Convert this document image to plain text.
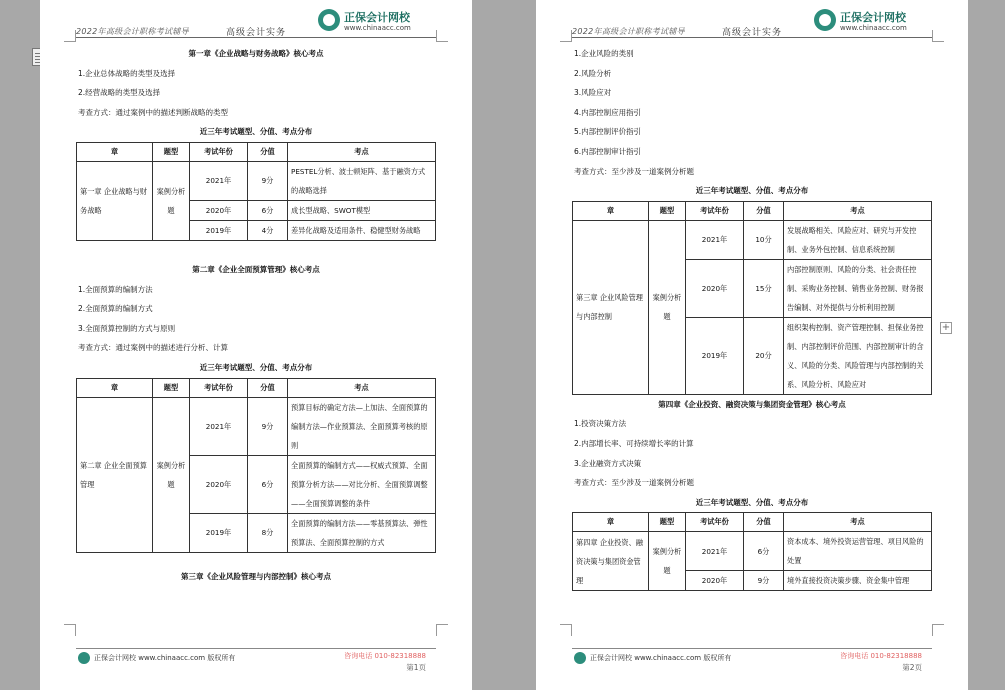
2022年高级会计职称考试辅导	高级会计实务
正保会计网校
www.chinaacc.com
第一章《企业战略与财务战略》核心考点
1.企业总体战略的类型及选择
2.经营战略的类型及选择
考查方式：通过案例中的描述判断战略的类型
近三年考试题型、分值、考点分布
章	题型	考试年份	分值	考点
第一章 企业战略与财务战略	案例分析题	2021年	9分	PESTEL分析、波士顿矩阵、基于融资方式的战略选择
		2020年	6分	成长型战略、SWOT模型
		2019年	4分	差异化战略及适用条件、稳健型财务战略
第二章《企业全面预算管理》核心考点
1.全面预算的编制方法
2.全面预算的编制方式
3.全面预算控制的方式与原则
考查方式：通过案例中的描述进行分析、计算
近三年考试题型、分值、考点分布
章	题型	考试年份	分值	考点
第二章 企业全面预算管理	案例分析题	2021年	9分	预算目标的确定方法—上加法、全面预算的编制方法—作业预算法、全面预算考核的原则
		2020年	6分	全面预算的编制方式——权威式预算、全面预算分析方法——对比分析、全面预算调整——全面预算调整的条件
		2019年	8分	全面预算的编制方法——零基预算法、弹性预算法、全面预算控制的方式
第三章《企业风险管理与内部控制》核心考点
正保会计网校 www.chinaacc.com 版权所有	咨询电话 010-82318888
第1页
2022年高级会计职称考试辅导	高级会计实务
正保会计网校
www.chinaacc.com
1.企业风险的类别
2.风险分析
3.风险应对
4.内部控制应用指引
5.内部控制评价指引
6.内部控制审计指引
考查方式：至少涉及一道案例分析题
近三年考试题型、分值、考点分布
章	题型	考试年份	分值	考点
第三章 企业风险管理与内部控制	案例分析题	2021年	10分	发展战略相关、风险应对、研究与开发控制、业务外包控制、信息系统控制
		2020年	15分	内部控制原则、风险的分类、社会责任控制、采购业务控制、销售业务控制、财务报告编制、对外提供与分析利用控制
		2019年	20分	组织架构控制、资产管理控制、担保业务控制、内部控制评价范围、内部控制审计的含义、风险的分类、风险管理与内部控制的关系、风险分析、风险应对
第四章《企业投资、融资决策与集团资金管理》核心考点
1.投资决策方法
2.内部增长率、可持续增长率的计算
3.企业融资方式决策
考查方式：至少涉及一道案例分析题
近三年考试题型、分值、考点分布
章	题型	考试年份	分值	考点
第四章 企业投资、融资决策与集团资金管理	案例分析题	2021年	6分	资本成本、境外投资运营管理、项目风险的处置
		2020年	9分	境外直接投资决策步骤、资金集中管理
正保会计网校 www.chinaacc.com 版权所有	咨询电话 010-82318888
第2页
+
